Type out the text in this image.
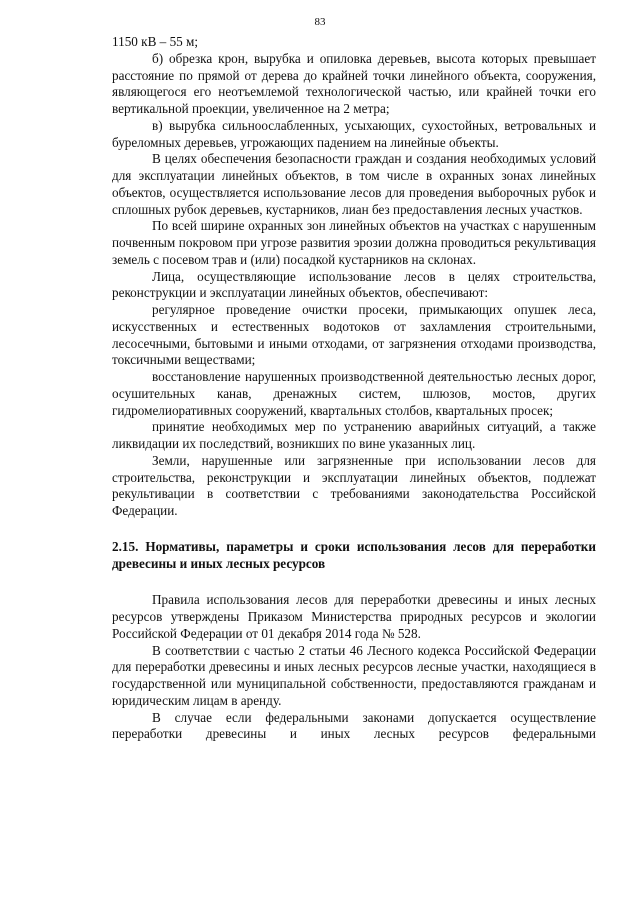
83

1150 кВ – 55 м;

б) обрезка крон, вырубка и опиловка деревьев, высота которых превышает расстояние по прямой от дерева до крайней точки линейного объекта, сооружения, являющегося его неотъемлемой технологической частью, или крайней точки его вертикальной проекции, увеличенное на 2 метра;

в) вырубка сильноослабленных, усыхающих, сухостойных, ветровальных и буреломных деревьев, угрожающих падением на линейные объекты.

В целях обеспечения безопасности граждан и создания необходимых условий для эксплуатации линейных объектов, в том числе в охранных зонах линейных объектов, осуществляется использование лесов для проведения выборочных рубок и сплошных рубок деревьев, кустарников, лиан без предоставления лесных участков.

По всей ширине охранных зон линейных объектов на участках с нарушенным почвенным покровом при угрозе развития эрозии должна проводиться рекультивация земель с посевом трав и (или) посадкой кустарников на склонах.

Лица, осуществляющие использование лесов в целях строительства, реконструкции и эксплуатации линейных объектов, обеспечивают:

регулярное проведение очистки просеки, примыкающих опушек леса, искусственных и естественных водотоков от захламления строительными, лесосечными, бытовыми и иными отходами, от загрязнения отходами производства, токсичными веществами;

восстановление нарушенных производственной деятельностью лесных дорог, осушительных канав, дренажных систем, шлюзов, мостов, других гидромелиоративных сооружений, квартальных столбов, квартальных просек;

принятие необходимых мер по устранению аварийных ситуаций, а также ликвидации их последствий, возникших по вине указанных лиц.

Земли, нарушенные или загрязненные при использовании лесов для строительства, реконструкции и эксплуатации линейных объектов, подлежат рекультивации в соответствии с требованиями законодательства Российской Федерации.

2.15. Нормативы, параметры и сроки использования лесов для переработки древесины и иных лесных ресурсов

Правила использования лесов для переработки древесины и иных лесных ресурсов утверждены Приказом Министерства природных ресурсов и экологии Российской Федерации от 01 декабря 2014 года № 528.

В соответствии с частью 2 статьи 46 Лесного кодекса Российской Федерации для переработки древесины и иных лесных ресурсов лесные участки, находящиеся в государственной или муниципальной собственности, предоставляются гражданам и юридическим лицам в аренду.

В случае если федеральными законами допускается осуществление переработки древесины и иных лесных ресурсов федеральными
